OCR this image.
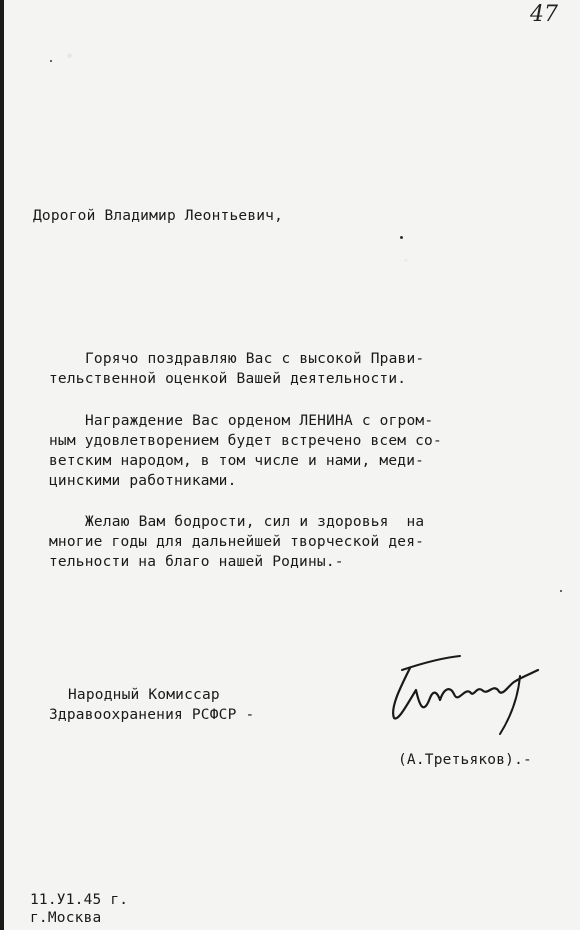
47
Дорогой Владимир Леонтьевич,
Горячо поздравляю Вас с высокой Прави-
тельственной оценкой Вашей деятельности.
Награждение Вас орденом ЛЕНИНА с огром-
ным удовлетворением будет встречено всем со-
ветским народом, в том числе и нами, меди-
цинскими работниками.
Желаю Вам бодрости, сил и здоровья  на
многие годы для дальнейшей творческой дея-
тельности на благо нашей Родины.-
Народный Комиссар
Здравоохранения РСФСР -
(А.Третьяков).-
11.У1.45 г.
г.Москва
